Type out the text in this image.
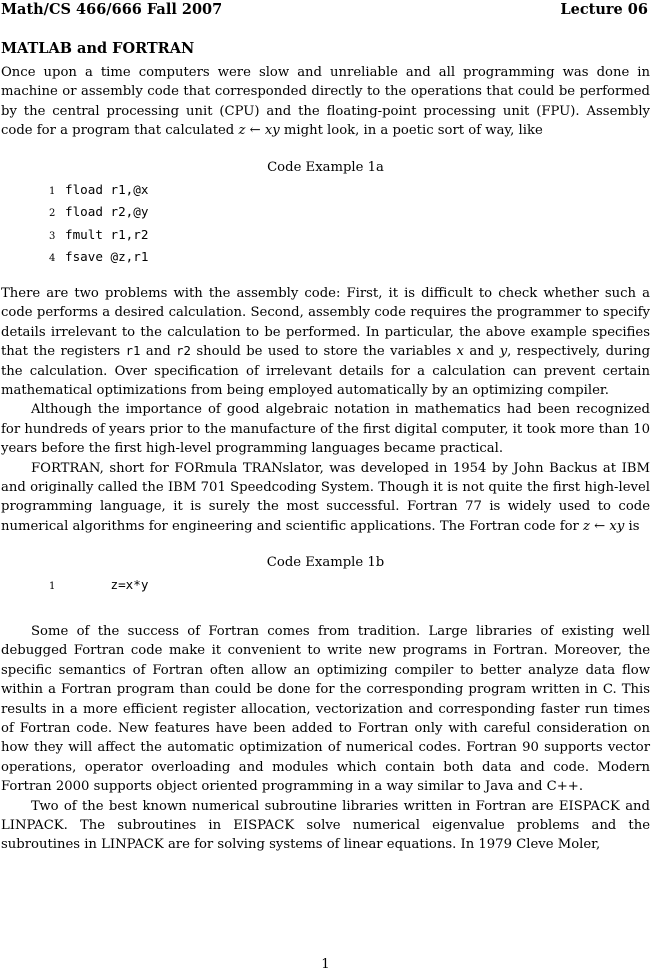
Math/CS 466/666 Fall 2007	Lecture 06
MATLAB and FORTRAN

Once upon a time computers were slow and unreliable and all programming was done in machine or assembly code that corresponded directly to the operations that could be performed by the central processing unit (CPU) and the floating-point processing unit (FPU). Assembly code for a program that calculated z ← xy might look, in a poetic sort of way, like

Code Example 1a
1 fload r1,@x
2 fload r2,@y
3 fmult r1,r2
4 fsave @z,r1

There are two problems with the assembly code: First, it is difficult to check whether such a code performs a desired calculation. Second, assembly code requires the programmer to specify details irrelevant to the calculation to be performed. In particular, the above example specifies that the registers r1 and r2 should be used to store the variables x and y, respectively, during the calculation. Over specification of irrelevant details for a calculation can prevent certain mathematical optimizations from being employed automatically by an optimizing compiler.

Although the importance of good algebraic notation in mathematics had been recognized for hundreds of years prior to the manufacture of the first digital computer, it took more than 10 years before the first high-level programming languages became practical.

FORTRAN, short for FORmula TRANslator, was developed in 1954 by John Backus at IBM and originally called the IBM 701 Speedcoding System. Though it is not quite the first high-level programming language, it is surely the most successful. Fortran 77 is widely used to code numerical algorithms for engineering and scientific applications. The Fortran code for z ← xy is

Code Example 1b
1 z=x*y

Some of the success of Fortran comes from tradition. Large libraries of existing well debugged Fortran code make it convenient to write new programs in Fortran. Moreover, the specific semantics of Fortran often allow an optimizing compiler to better analyze data flow within a Fortran program than could be done for the corresponding program written in C. This results in a more efficient register allocation, vectorization and corresponding faster run times of Fortran code. New features have been added to Fortran only with careful consideration on how they will affect the automatic optimization of numerical codes. Fortran 90 supports vector operations, operator overloading and modules which contain both data and code. Modern Fortran 2000 supports object oriented programming in a way similar to Java and C++.

Two of the best known numerical subroutine libraries written in Fortran are EISPACK and LINPACK. The subroutines in EISPACK solve numerical eigenvalue problems and the subroutines in LINPACK are for solving systems of linear equations. In 1979 Cleve Moler,

1
